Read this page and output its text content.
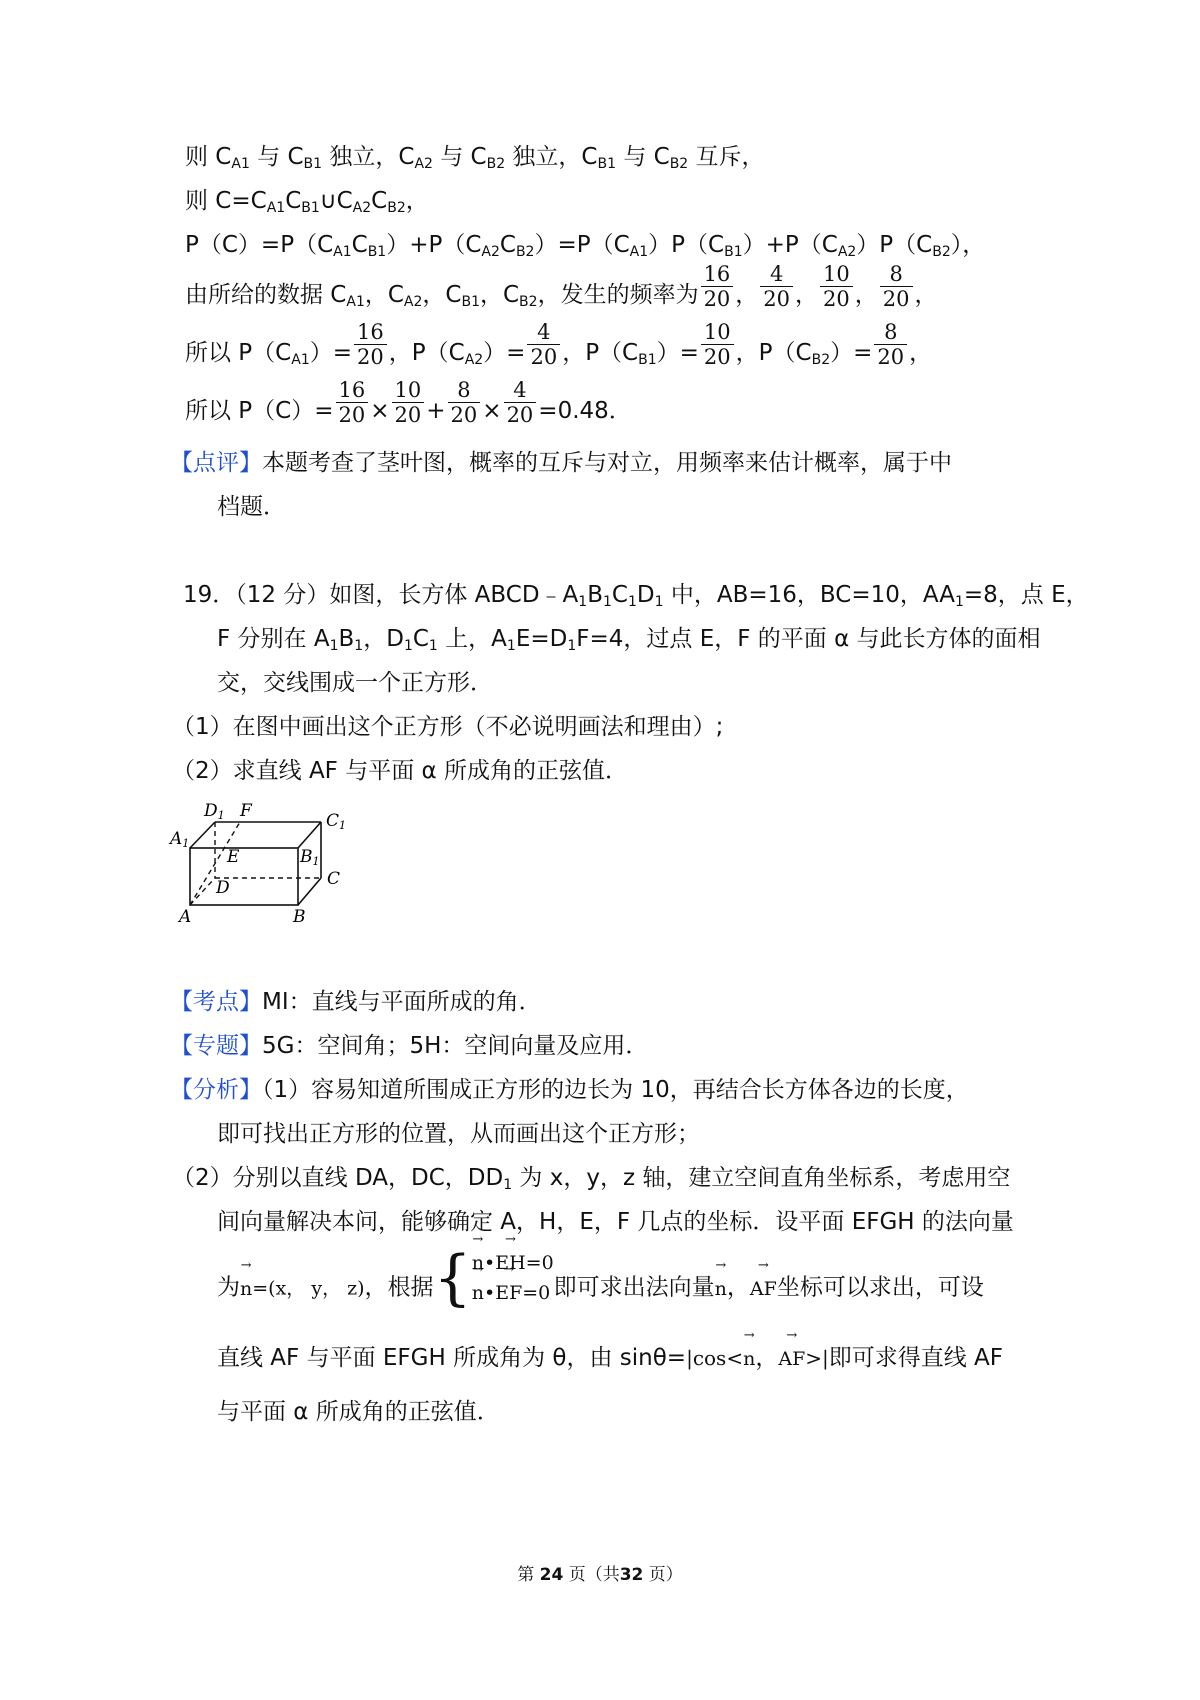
则 $C_{A1}$ 与 $C_{B1}$ 独立，$C_{A2}$ 与 $C_{B2}$ 独立，$C_{B1}$ 与 $C_{B2}$ 互斥，
则 $C=C_{A1}C_{B1}\cup C_{A2}C_{B2}$，
$P(C)=P(C_{A1}C_{B1})+P(C_{A2}C_{B2})=P(C_{A1})P(C_{B1})+P(C_{A2})P(C_{B2})$，
由所给的数据 $C_{A1}$，$C_{A2}$，$C_{B1}$，$C_{B2}$，发生的频率为 $\frac{16}{20}$ ， $\frac{4}{20}$ ， $\frac{10}{20}$ ， $\frac{8}{20}$ ，
所以 $P(C_{A1})= \frac{16}{20}$ ，$P(C_{A2})= \frac{4}{20}$ ，$P(C_{B1})= \frac{10}{20}$ ，$P(C_{B2})= \frac{8}{20}$ ，
所以 $P(C)= \frac{16}{20} \times \frac{10}{20} + \frac{8}{20} \times \frac{4}{20} =0.48$．
【点评】本题考查了茎叶图，概率的互斥与对立，用频率来估计概率，属于中
档题．
19．（12 分）如图，长方体 $ABCD﹣A_1B_1C_1D_1$ 中，AB=16，BC=10，$AA_1=8$，点 E，
F 分别在 $A_1B_1$，$D_1C_1$ 上，$A_1E=D_1F=4$，过点 E，F 的平面 α 与此长方体的面相
交，交线围成一个正方形．
（1）在图中画出这个正方形（不必说明画法和理由）;
（2）求直线 AF 与平面 α 所成角的正弦值．
D1 F	C1
A1
E	B1
D	C
A	B
【考点】MI：直线与平面所成的角．
【专题】5G：空间角；5H：空间向量及应用．
【分析】（1）容易知道所围成正方形的边长为 10，再结合长方体各边的长度，
即可找出正方形的位置，从而画出这个正方形；
（2）分别以直线 DA，DC，$DD_1$ 为 x，y，z 轴，建立空间直角坐标系，考虑用空
间向量解决本问，能够确定 A，H，E，F 几点的坐标．设平面 EFGH 的法向量
为→ n=(x， y， z)，根据{
→ n•→ EH=0
→ n•→ EF=0 即可求出法向量→ n，→ AF坐标可以求出，可设
直线 AF 与平面 EFGH 所成角为 θ，由 sinθ=|cos<→ n，→ AF>|即可求得直线 AF
与平面 α 所成角的正弦值．
第 24 页（共32 页）
